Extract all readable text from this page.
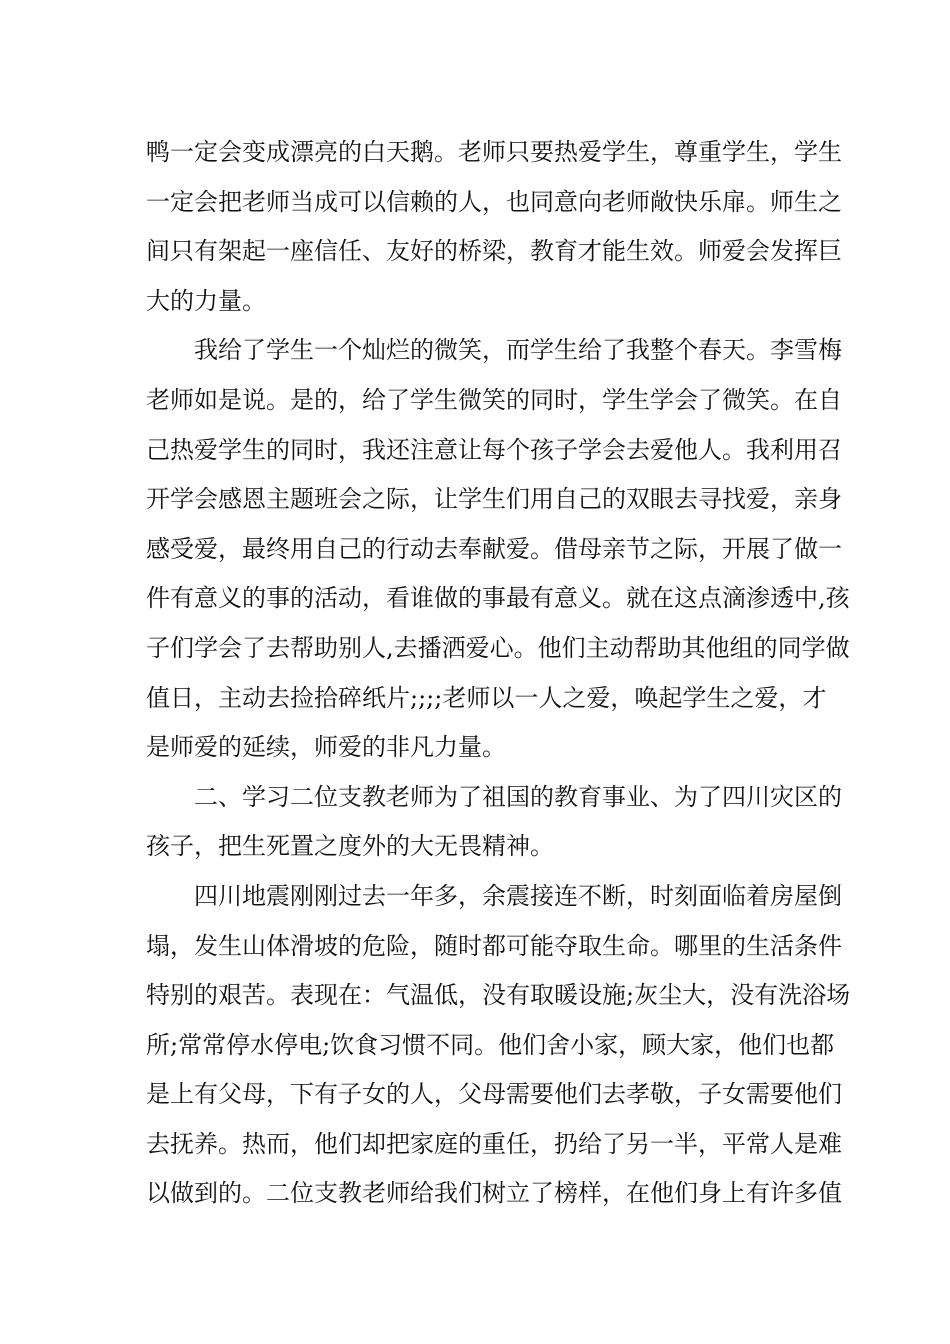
鸭一定会变成漂亮的白天鹅。老师只要热爱学生，尊重学生，学生
一定会把老师当成可以信赖的人，也同意向老师敞快乐扉。师生之
间只有架起一座信任、友好的桥梁，教育才能生效。师爱会发挥巨
大的力量。
我给了学生一个灿烂的微笑，而学生给了我整个春天。李雪梅
老师如是说。是的，给了学生微笑的同时，学生学会了微笑。在自
己热爱学生的同时，我还注意让每个孩子学会去爱他人。我利用召
开学会感恩主题班会之际，让学生们用自己的双眼去寻找爱，亲身
感受爱，最终用自己的行动去奉献爱。借母亲节之际，开展了做一
件有意义的事的活动，看谁做的事最有意义。就在这点滴渗透中,孩
子们学会了去帮助别人,去播洒爱心。他们主动帮助其他组的同学做
值日，主动去捡拾碎纸片;;;;老师以一人之爱，唤起学生之爱，才
是师爱的延续，师爱的非凡力量。
二、学习二位支教老师为了祖国的教育事业、为了四川灾区的
孩子，把生死置之度外的大无畏精神。
四川地震刚刚过去一年多，余震接连不断，时刻面临着房屋倒
塌，发生山体滑坡的危险，随时都可能夺取生命。哪里的生活条件
特别的艰苦。表现在：气温低，没有取暖设施;灰尘大，没有洗浴场
所;常常停水停电;饮食习惯不同。他们舍小家，顾大家，他们也都
是上有父母，下有子女的人，父母需要他们去孝敬，子女需要他们
去抚养。热而，他们却把家庭的重任，扔给了另一半，平常人是难
以做到的。二位支教老师给我们树立了榜样，在他们身上有许多值
